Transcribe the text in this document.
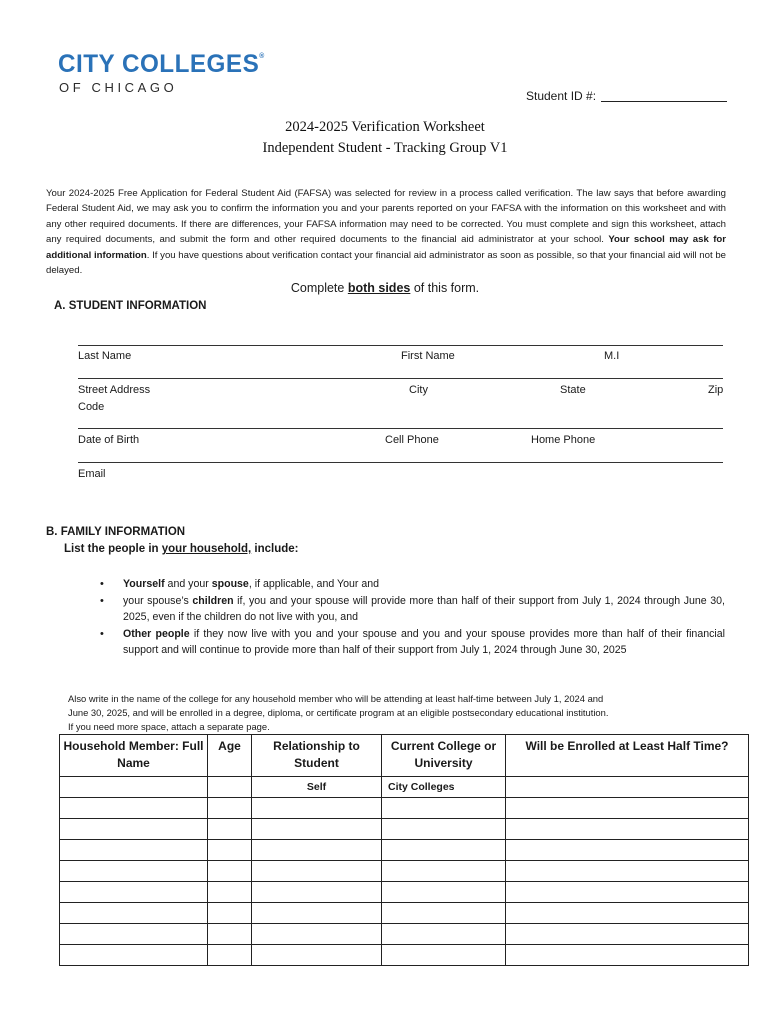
CITY COLLEGES®
OF CHICAGO
Student ID #:
2024-2025 Verification Worksheet
Independent Student - Tracking Group V1
Your 2024-2025 Free Application for Federal Student Aid (FAFSA) was selected for review in a process called verification. The law says that before awarding Federal Student Aid, we may ask you to confirm the information you and your parents reported on your FAFSA with the information on this worksheet and with any other required documents. If there are differences, your FAFSA information may need to be corrected. You must complete and sign this worksheet, attach any required documents, and submit the form and other required documents to the financial aid administrator at your school. Your school may ask for additional information. If you have questions about verification contact your financial aid administrator as soon as possible, so that your financial aid will not be delayed.
Complete both sides of this form.
A. STUDENT INFORMATION
Last Name	First Name	M.I
Street Address	City	State	Zip
Code
Date of Birth	Cell Phone	Home Phone
Email
B. FAMILY INFORMATION
List the people in your household, include:
• Yourself and your spouse, if applicable, and Your and
• your spouse’s children if, you and your spouse will provide more than half of their support from July 1, 2024 through June 30, 2025, even if the children do not live with you, and
• Other people if they now live with you and your spouse and you and your spouse provides more than half of their financial support and will continue to provide more than half of their support from July 1, 2024 through June 30, 2025
Also write in the name of the college for any household member who will be attending at least half-time between July 1, 2024 and
June 30, 2025, and will be enrolled in a degree, diploma, or certificate program at an eligible postsecondary educational institution.
If you need more space, attach a separate page.
Household Member: Full Name	Age	Relationship to Student	Current College or University	Will be Enrolled at Least Half Time?
		Self	City Colleges	
